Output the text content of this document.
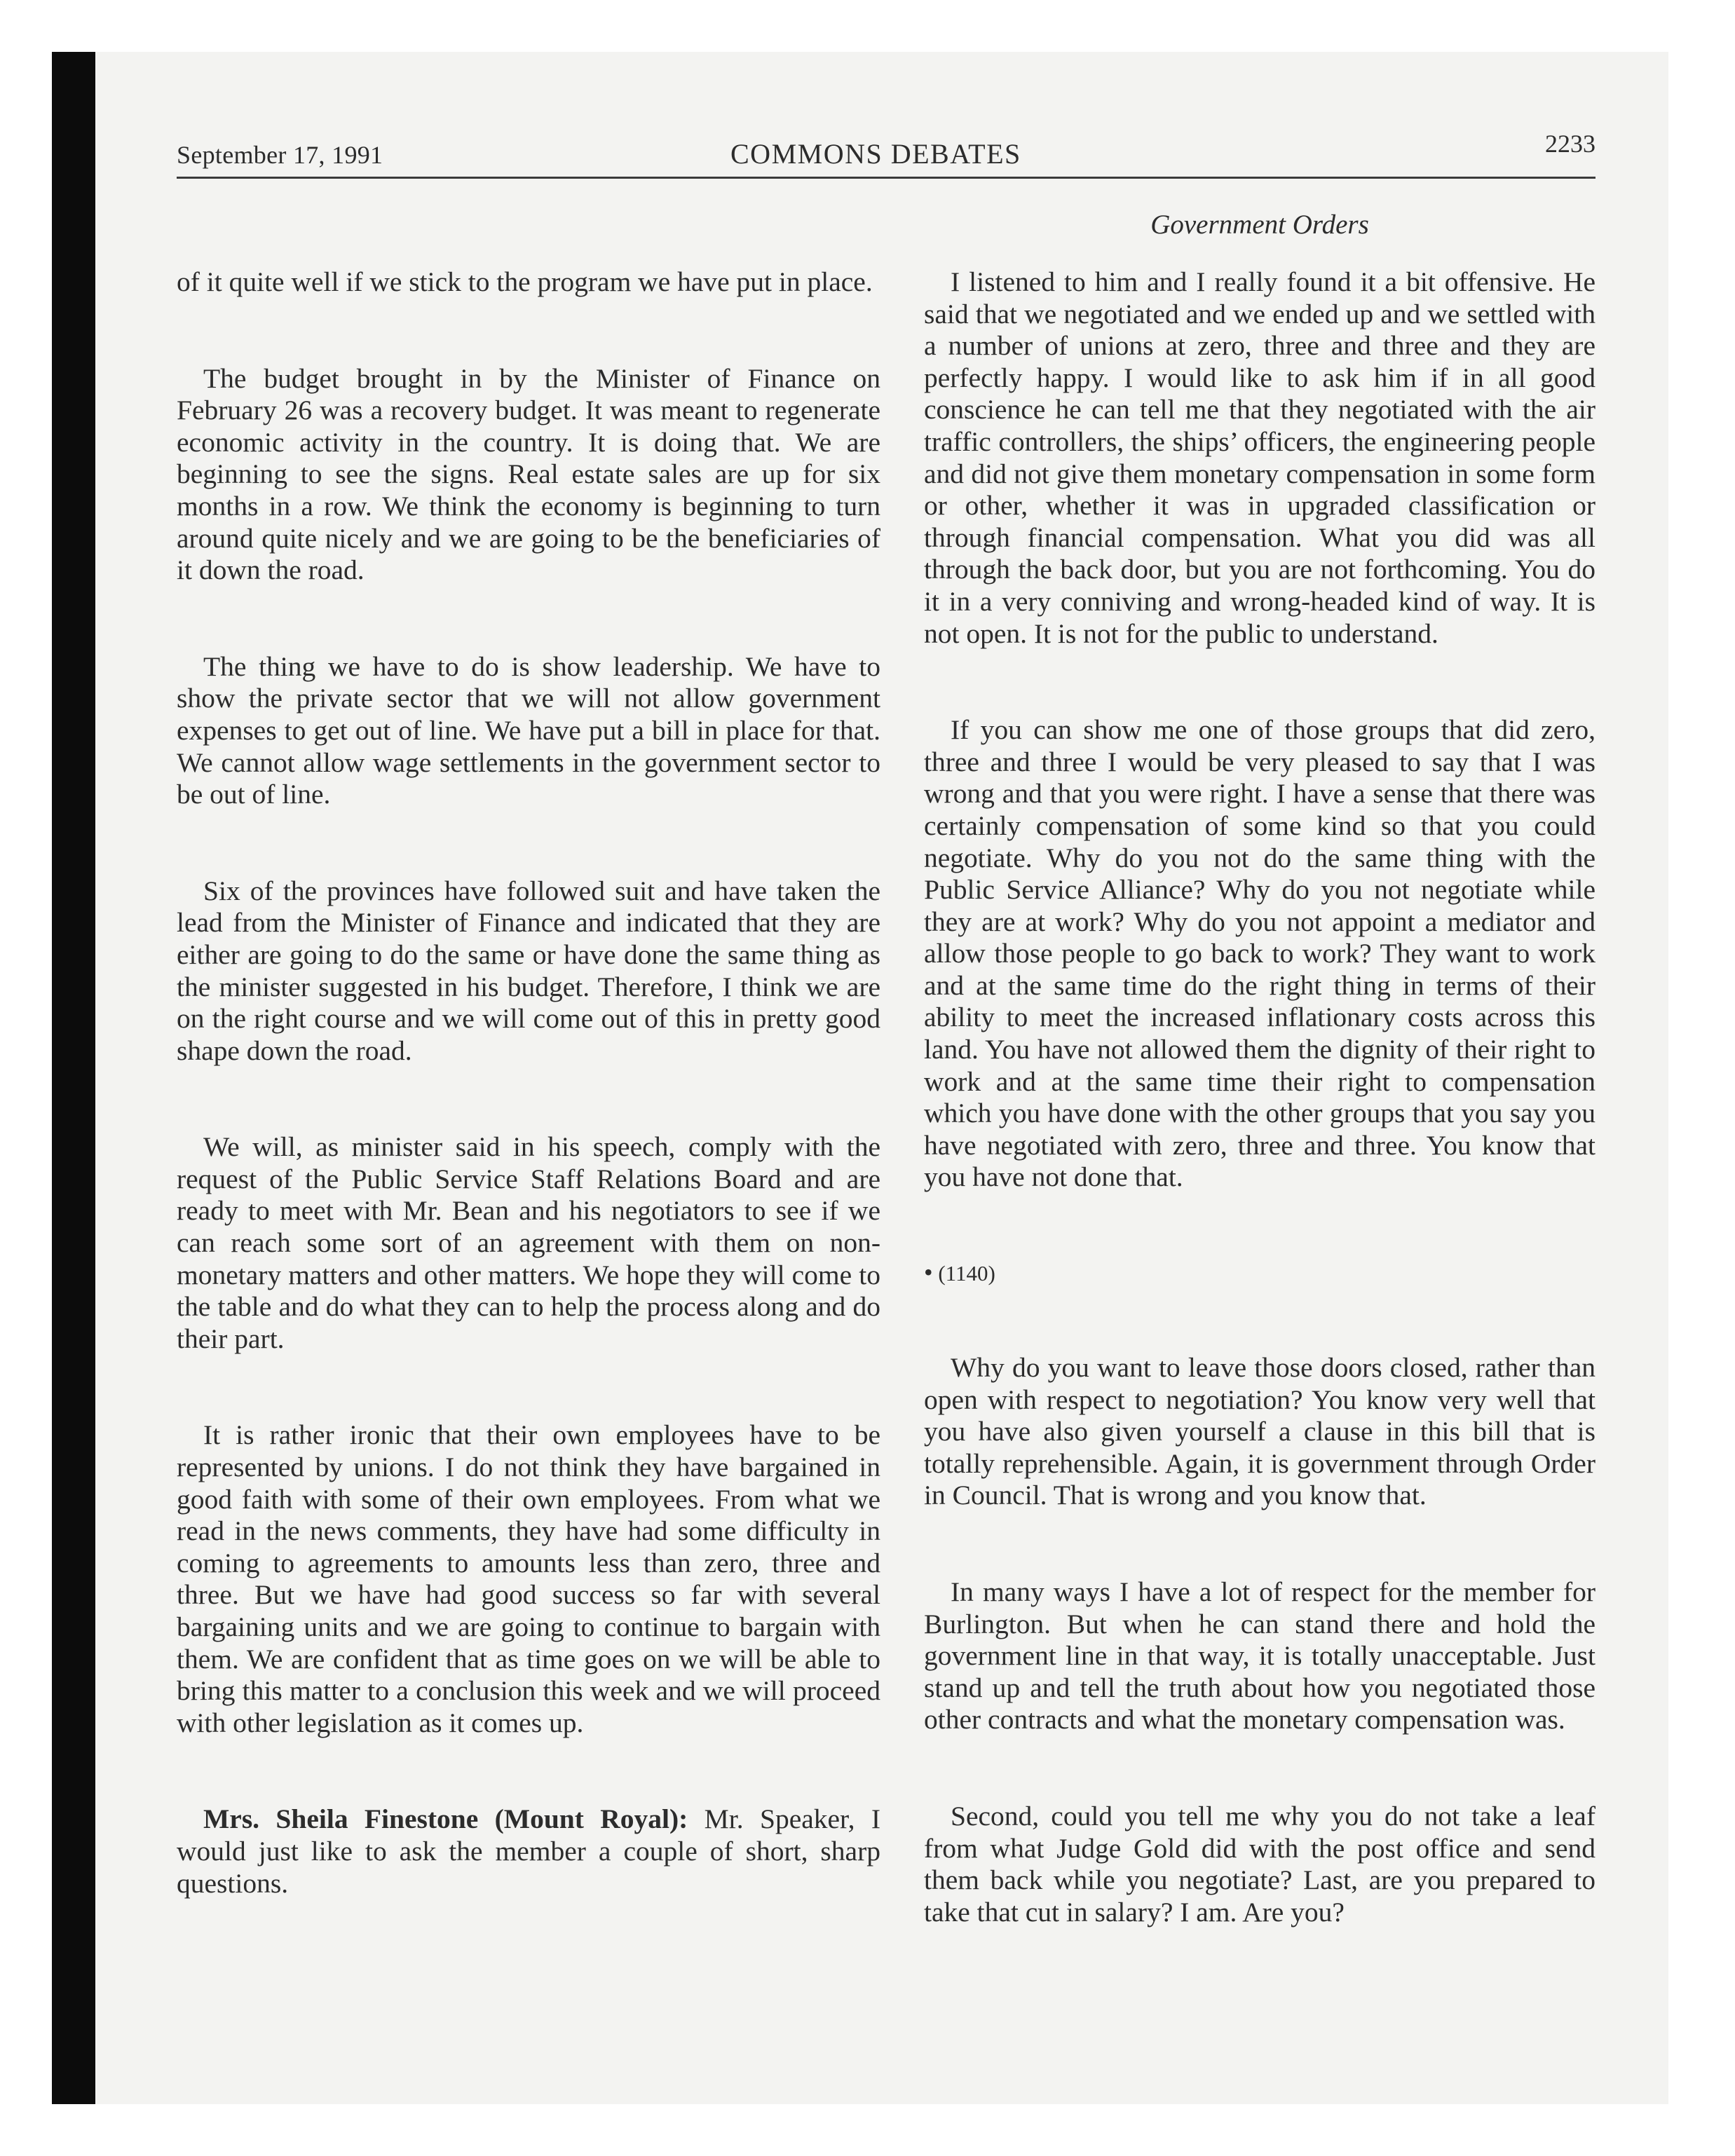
September 17, 1991	COMMONS DEBATES	2233
Government Orders

of it quite well if we stick to the program we have put in place.

The budget brought in by the Minister of Finance on February 26 was a recovery budget. It was meant to regenerate economic activity in the country. It is doing that. We are beginning to see the signs. Real estate sales are up for six months in a row. We think the economy is beginning to turn around quite nicely and we are going to be the beneficiaries of it down the road.

The thing we have to do is show leadership. We have to show the private sector that we will not allow government expenses to get out of line. We have put a bill in place for that. We cannot allow wage settlements in the government sector to be out of line.

Six of the provinces have followed suit and have taken the lead from the Minister of Finance and indicated that they are either are going to do the same or have done the same thing as the minister suggested in his budget. Therefore, I think we are on the right course and we will come out of this in pretty good shape down the road.

We will, as minister said in his speech, comply with the request of the Public Service Staff Relations Board and are ready to meet with Mr. Bean and his negotiators to see if we can reach some sort of an agreement with them on non-monetary matters and other matters. We hope they will come to the table and do what they can to help the process along and do their part.

It is rather ironic that their own employees have to be represented by unions. I do not think they have bargained in good faith with some of their own employees. From what we read in the news comments, they have had some difficulty in coming to agreements to amounts less than zero, three and three. But we have had good success so far with several bargaining units and we are going to continue to bargain with them. We are confident that as time goes on we will be able to bring this matter to a conclusion this week and we will proceed with other legislation as it comes up.

Mrs. Sheila Finestone (Mount Royal): Mr. Speaker, I would just like to ask the member a couple of short, sharp questions.

I listened to him and I really found it a bit offensive. He said that we negotiated and we ended up and we settled with a number of unions at zero, three and three and they are perfectly happy. I would like to ask him if in all good conscience he can tell me that they negotiated with the air traffic controllers, the ships’ officers, the engineering people and did not give them monetary compensation in some form or other, whether it was in upgraded classification or through financial compensation. What you did was all through the back door, but you are not forthcoming. You do it in a very conniving and wrong-headed kind of way. It is not open. It is not for the public to understand.

If you can show me one of those groups that did zero, three and three I would be very pleased to say that I was wrong and that you were right. I have a sense that there was certainly compensation of some kind so that you could negotiate. Why do you not do the same thing with the Public Service Alliance? Why do you not negotiate while they are at work? Why do you not appoint a mediator and allow those people to go back to work? They want to work and at the same time do the right thing in terms of their ability to meet the increased inflationary costs across this land. You have not allowed them the dignity of their right to work and at the same time their right to compensation which you have done with the other groups that you say you have negotiated with zero, three and three. You know that you have not done that.

• (1140)

Why do you want to leave those doors closed, rather than open with respect to negotiation? You know very well that you have also given yourself a clause in this bill that is totally reprehensible. Again, it is government through Order in Council. That is wrong and you know that.

In many ways I have a lot of respect for the member for Burlington. But when he can stand there and hold the government line in that way, it is totally unacceptable. Just stand up and tell the truth about how you negotiated those other contracts and what the monetary compensation was.

Second, could you tell me why you do not take a leaf from what Judge Gold did with the post office and send them back while you negotiate? Last, are you prepared to take that cut in salary? I am. Are you?
